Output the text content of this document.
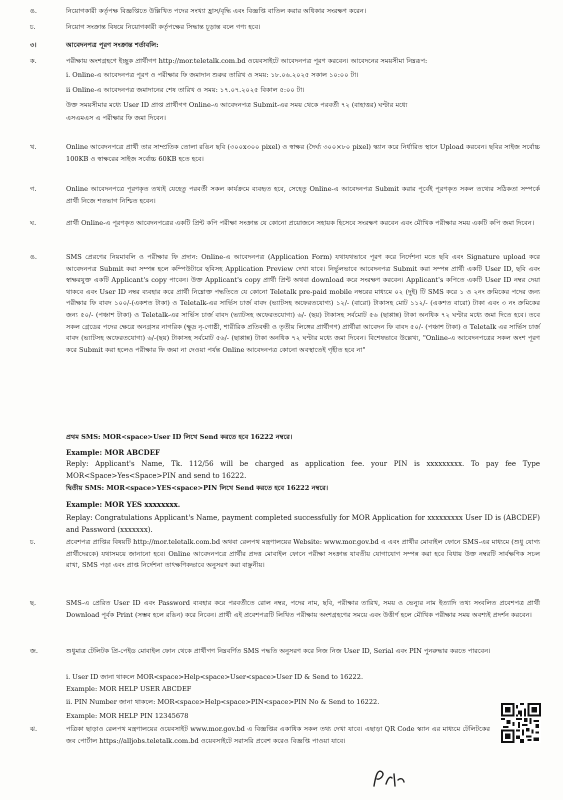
ঙ.	নিয়োগকারী কর্তৃপক্ষ বিজ্ঞপ্তিতে উল্লিখিত পদের সংখ্যা হ্রাস/বৃদ্ধি এবং বিজ্ঞপ্তি বাতিল করার অধিকার সংরক্ষণ করেন।
চ.	নিয়োগ সংক্রান্ত বিষয়ে নিয়োগকারী কর্তৃপক্ষের সিদ্ধান্ত চূড়ান্ত বলে গণ্য হবে।
৩।	আবেদনপত্র পূরণ সংক্রান্ত শর্তাবলি:
ক.	পরীক্ষায় অংশগ্রহণে ইচ্ছুক প্রার্থীগণ http://mor.teletalk.com.bd ওয়েবসাইটে আবেদনপত্র পূরণ করবেন। আবেদনের সময়সীমা নিম্নরূপ:
i. Online-এ আবেদনপত্র পূরণ ও পরীক্ষার ফি জমাদান শুরুর তারিখ ও সময়: ১৮.০৬.২০২৫ সকাল ১০:০০ টা।
ii Online-এ আবেদনপত্র জমাদানের শেষ তারিখ ও সময়: ১৭.০৭.২০২৫ বিকাল ৫:০০ টা।
উক্ত সময়সীমার মধ্যে User ID প্রাপ্ত প্রার্থীগণ Online-এ আবেদনপত্র Submit-এর সময় থেকে পরবর্তী ৭২ (বাহাত্তর) ঘণ্টার মধ্যে
এসএমএস এ পরীক্ষার ফি জমা দিবেন।
খ.	Online আবেদনপত্রে প্রার্থী তার সাম্প্রতিক তোলা রঙিন ছবি (৩০০x৩০০ pixel) ও স্বাক্ষর (দৈর্ঘ্য ৩০০×৮০ pixel) স্ক্যান করে নির্ধারিত স্থানে Upload করবেন। ছবির সাইজ সর্বোচ্চ 100KB ও স্বাক্ষরের সাইজ সর্বোচ্চ 60KB হতে হবে।
গ.	Online আবেদনপত্রে পূরণকৃত তথ্যই যেহেতু পরবর্তী সকল কার্যক্রমে ব্যবহৃত হবে, সেহেতু Online-এ আবেদনপত্র Submit করার পূর্বেই পূরণকৃত সকল তথ্যের সঠিকতা সম্পর্কে প্রার্থী নিজে শতভাগ নিশ্চিত হবেন।
ঘ.	প্রার্থী Online-এ পূরণকৃত আবেদনপত্রের একটি প্রিন্ট কপি পরীক্ষা সংক্রান্ত যে কোনো প্রয়োজনে সহায়ক হিসেবে সংরক্ষণ করবেন এবং মৌখিক পরীক্ষার সময় একটি কপি জমা দিবেন।
ঙ.	SMS প্রেরণের নিয়মাবলি ও পরীক্ষার ফি প্রদান: Online-এ আবেদনপত্র (Application Form) যথাযথভাবে পূরণ করে নির্দেশনা মতে ছবি এবং Signature upload করে আবেদনপত্র Submit করা সম্পন্ন হলে কম্পিউটারে ছবিসহ Application Preview দেখা যাবে। নির্ভুলভাবে আবেদনপত্র Submit করা সম্পন্ন প্রার্থী একটি User ID, ছবি এবং স্বাক্ষরযুক্ত একটি Applicant's copy পাবেন। উক্ত Applicant's copy প্রার্থী প্রিন্ট অথবা download করে সংরক্ষণ করবেন। Applicant's কপিতে একটি User ID নম্বর দেয়া থাকবে এবং User ID নম্বর ব্যবহার করে প্রার্থী নিম্নোক্ত পদ্ধতিতে যে কোনো Teletalk pre-paid mobile নম্বরের মাধ্যমে ০২ (দুই) টি SMS করে ১ ও ২নং ক্রমিকের পদের জন্য পরীক্ষার ফি বাবদ ১০০/-(একশত টাকা) ও Teletalk-এর সার্ভিস চার্জ বাবদ (ভ্যাটসহ অফেরতযোগ্য) ১২/- (বারো) টাকাসহ মোট ১১২/- (একশত বারো) টাকা এবং ৩ নং ক্রমিকের জন্য ৫০/- (পঞ্চাশ টাকা) ও Teletalk-এর সার্ভিস চার্জ বাবদ (ভ্যাটসহ অফেরতযোগ্য) ৬/- (ছয়) টাকাসহ সর্বমোট ৫৬ (ছাপ্পান্ন) টাকা অনধিক ৭২ ঘণ্টার মধ্যে জমা দিতে হবে। তবে সকল গ্রেডের পদের ক্ষেত্রে অনগ্রসর নাগরিক (ক্ষুদ্র নৃ-গোষ্ঠী, শারীরিক প্রতিবন্ধী ও তৃতীয় লিঙ্গের প্রার্থীগণ) প্রার্থীরা আবেদন ফি বাবদ ৫০/- (পঞ্চাশ টাকা) ও Teletalk এর সার্ভিস চার্জ বাবদ (ভ্যাটসহ অফেরতযোগ্য) ৬/-(ছয়) টাকাসহ সর্বমোট ৫৬/- (ছাপ্পান্ন) টাকা অনধিক ৭২ ঘণ্টার মধ্যে জমা দিবেন। বিশেষভাবে উল্লেখ্য, "Online-এ আবেদনপত্রের সকল অংশ পূরণ করে Submit করা হলেও পরীক্ষার ফি জমা না দেওয়া পর্যন্ত Online আবেদনপত্র কোনো অবস্থাতেই গৃহীত হবে না"
প্রথম SMS: MOR<space>User ID লিখে Send করতে হবে 16222 নম্বরে।
Example: MOR ABCDEF
Reply: Applicant's Name, Tk. 112/56 will be charged as application fee. your PIN is xxxxxxxxx. To pay fee Type MOR<Space>Yes<Space>PIN and send to 16222.
দ্বিতীয় SMS: MOR<space>YES<space>PIN লিখে Send করতে হবে 16222 নম্বরে।
Example: MOR YES xxxxxxxx.
Replay: Congratulations Applicant's Name, payment completed successfully for MOR Application for xxxxxxxxx User ID is (ABCDEF) and Password (xxxxxxx).
চ.	প্রবেশপত্র প্রাপ্তির বিষয়টি http://mor.teletalk.com.bd অথবা রেলপথ মন্ত্রণালয়ের Website: www.mor.gov.bd এ এবং প্রার্থীর মোবাইল ফোনে SMS-এর মাধ্যমে (শুধু যোগ্য প্রার্থীদেরকে) যথাসময়ে জানানো হবে। Online আবেদনপত্রে প্রার্থীর প্রদত্ত মোবাইল ফোনে পরীক্ষা সংক্রান্ত যাবতীয় যোগাযোগ সম্পন্ন করা হবে বিধায় উক্ত নম্বরটি সার্বক্ষণিক সচল রাখা, SMS পড়া এবং প্রাপ্ত নির্দেশনা তাৎক্ষণিকভাবে অনুসরণ করা বাঞ্ছনীয়।
ছ.	SMS-এ প্রেরিত User ID এবং Password ব্যবহার করে পরবর্তীতে রোল নম্বর, পদের নাম, ছবি, পরীক্ষার তারিখ, সময় ও ভেন্যুর নাম ইত্যাদি তথ্য সংবলিত প্রবেশপত্র প্রার্থী Download পূর্বক Print (সম্ভব হলে রঙিন) করে নিবেন। প্রার্থী এই প্রবেশপত্রটি লিখিত পরীক্ষায় অংশগ্রহণের সময়ে এবং উত্তীর্ণ হলে মৌখিক পরীক্ষার সময় অবশ্যই প্রদর্শন করবেন।
জ.	শুধুমাত্র টেলিটক প্রি-পেইড মোবাইল ফোন থেকে প্রার্থীগণ নিম্নবর্ণিত SMS পদ্ধতি অনুসরণ করে নিজ নিজ User ID, Serial এবং PIN পুনরুদ্ধার করতে পারবেন।
i. User ID জানা থাকলে MOR<space>Help<space>User<space>User ID & Send to 16222.
Example: MOR HELP USER ABCDEF
ii. PIN Number জানা থাকলে: MOR<space>Help<space>PIN<space>PIN No & Send to 16222.
Example: MOR HELP PIN 12345678
ঝ.	পত্রিকা ছাড়াও রেলপথ মন্ত্রণালয়ের ওয়েবসাইট www.mor.gov.bd এ বিজ্ঞপ্তির একাধিক সকল তথ্য দেখা যাবে। এছাড়া QR Code স্ক্যান এর মাধ্যমে টেলিটকের জব পোর্টাল https://alljobs.teletalk.com.bd ওয়েবসাইটে সরাসরি প্রবেশ করেও বিজ্ঞপ্তি পাওয়া যাবে।
